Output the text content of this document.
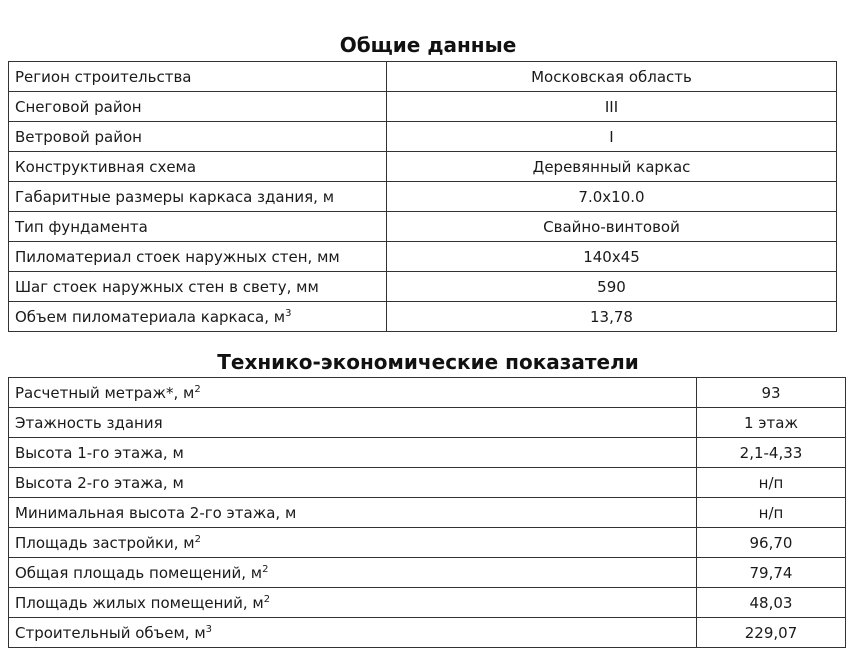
Общие данные
Регион строительства	Московская область
Снеговой район	III
Ветровой район	I
Конструктивная схема	Деревянный каркас
Габаритные размеры каркаса здания, м	7.0x10.0
Тип фундамента	Свайно-винтовой
Пиломатериал стоек наружных стен, мм	140x45
Шаг стоек наружных стен в свету, мм	590
Объем пиломатериала каркаса, $м^3$	13,78
Технико-экономические показатели
Расчетный метраж*, $м^2$	93
Этажность здания	1 этаж
Высота 1-го этажа, м	2,1-4,33
Высота 2-го этажа, м	н/п
Минимальная высота 2-го этажа, м	н/п
Площадь застройки, $м^2$	96,70
Общая площадь помещений, $м^2$	79,74
Площадь жилых помещений, $м^2$	48,03
Строительный объем, $м^3$	229,07
